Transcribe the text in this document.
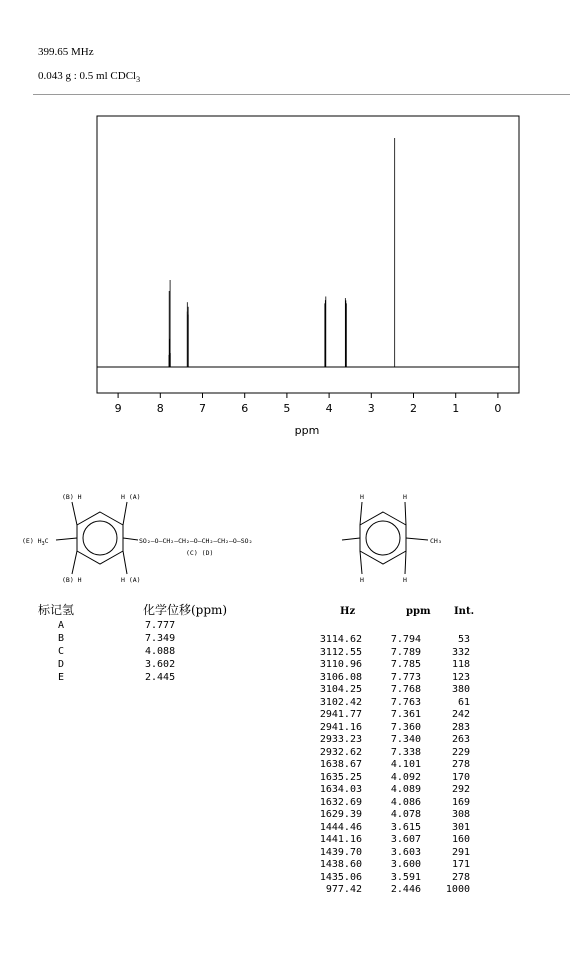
399.65 MHz
0.043 g : 0.5 ml CDCl$_3$
9	8	7	6	5	4	3	2	1	0
ppm
(B) H	H (A)
(B) H	H (A)
(E) $H_3C$	SO₂—O—CH₂—CH₂—O—CH₂—CH₂—O—SO₂
(C) (D)
H	H
H	H
CH₃
标记氢	化学位移(ppm)
A	7.777
B	7.349
C	4.088
D	3.602
E	2.445
Hz	ppm Int.
3114.62	7.794	53
3112.55	7.789	332
3110.96	7.785	118
3106.08	7.773	123
3104.25	7.768	380
3102.42	7.763	61
2941.77	7.361	242
2941.16	7.360	283
2933.23	7.340	263
2932.62	7.338	229
1638.67	4.101	278
1635.25	4.092	170
1634.03	4.089	292
1632.69	4.086	169
1629.39	4.078	308
1444.46	3.615	301
1441.16	3.607	160
1439.70	3.603	291
1438.60	3.600	171
1435.06	3.591	278
977.42	2.446 1000
